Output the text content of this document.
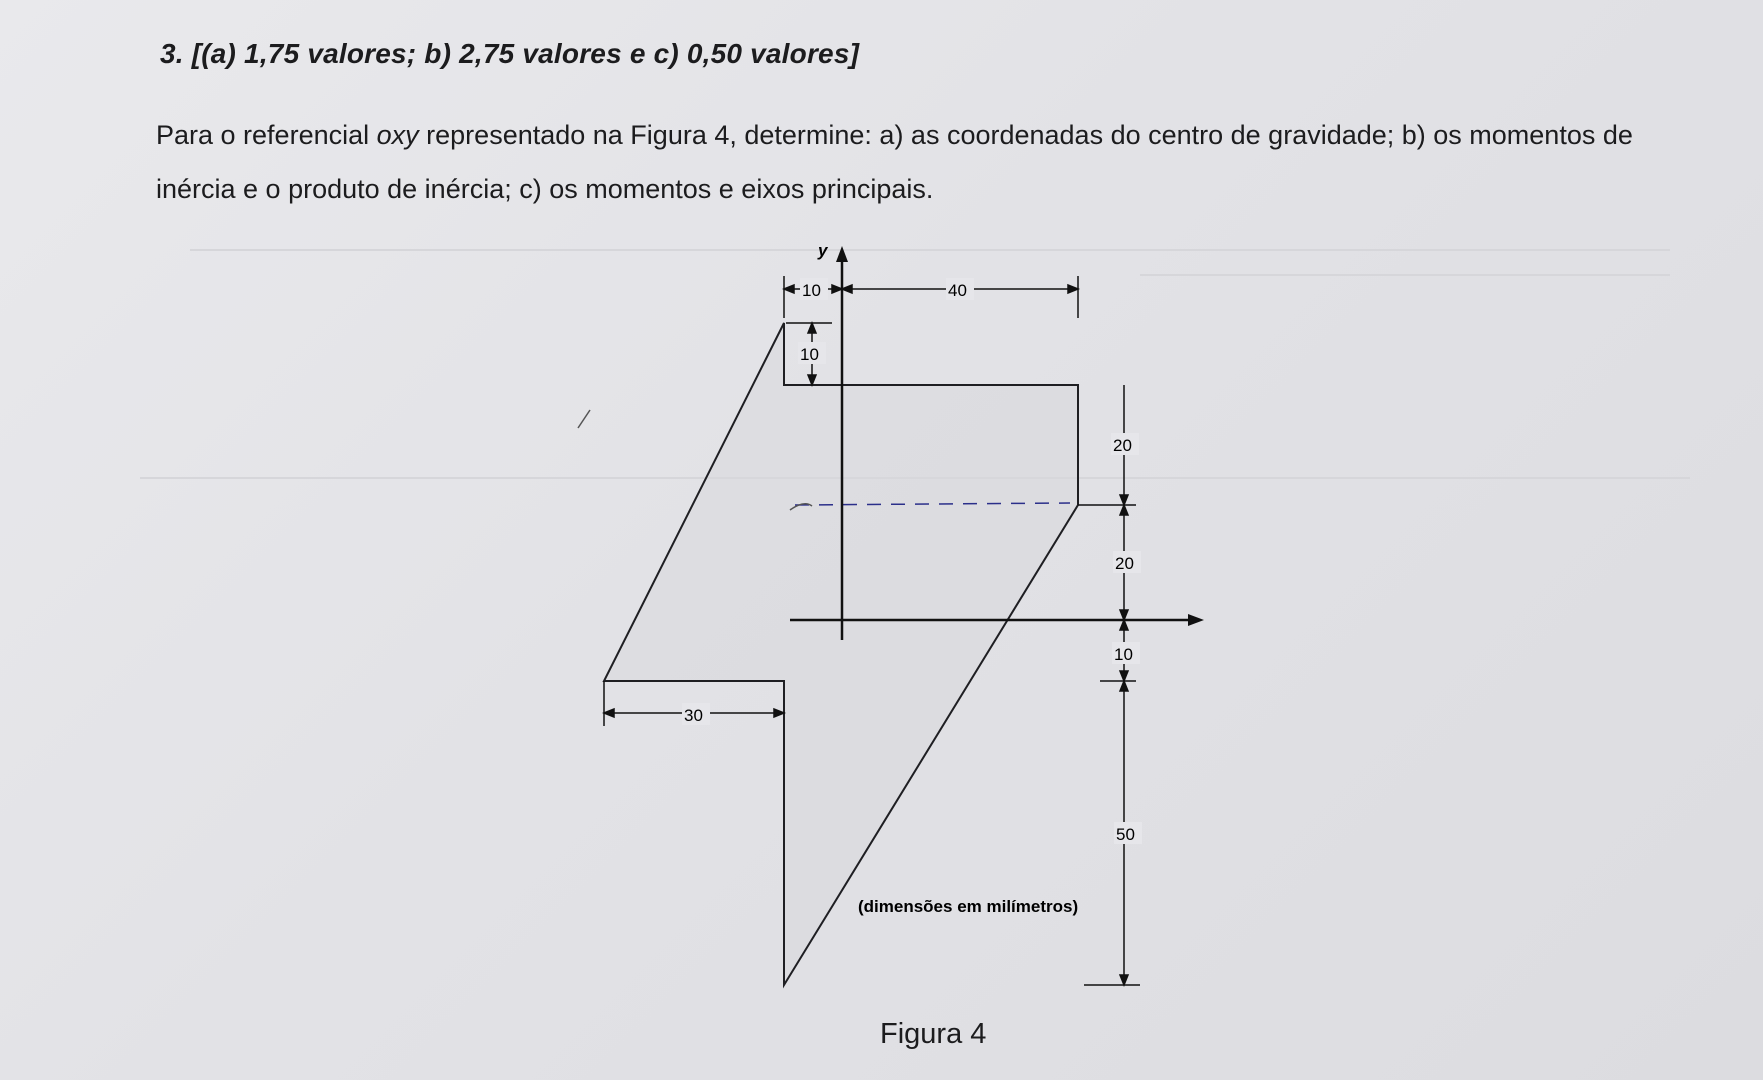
3. [(a) 1,75 valores; b) 2,75 valores e c) 0,50 valores]
Para o referencial oxy representado na Figura 4, determine: a) as coordenadas do centro de gravidade; b) os momentos de inércia e o produto de inércia; c) os momentos e eixos principais.
y
10	40
10
20
20
10
50
30
(dimensões em milímetros)
Figura 4
